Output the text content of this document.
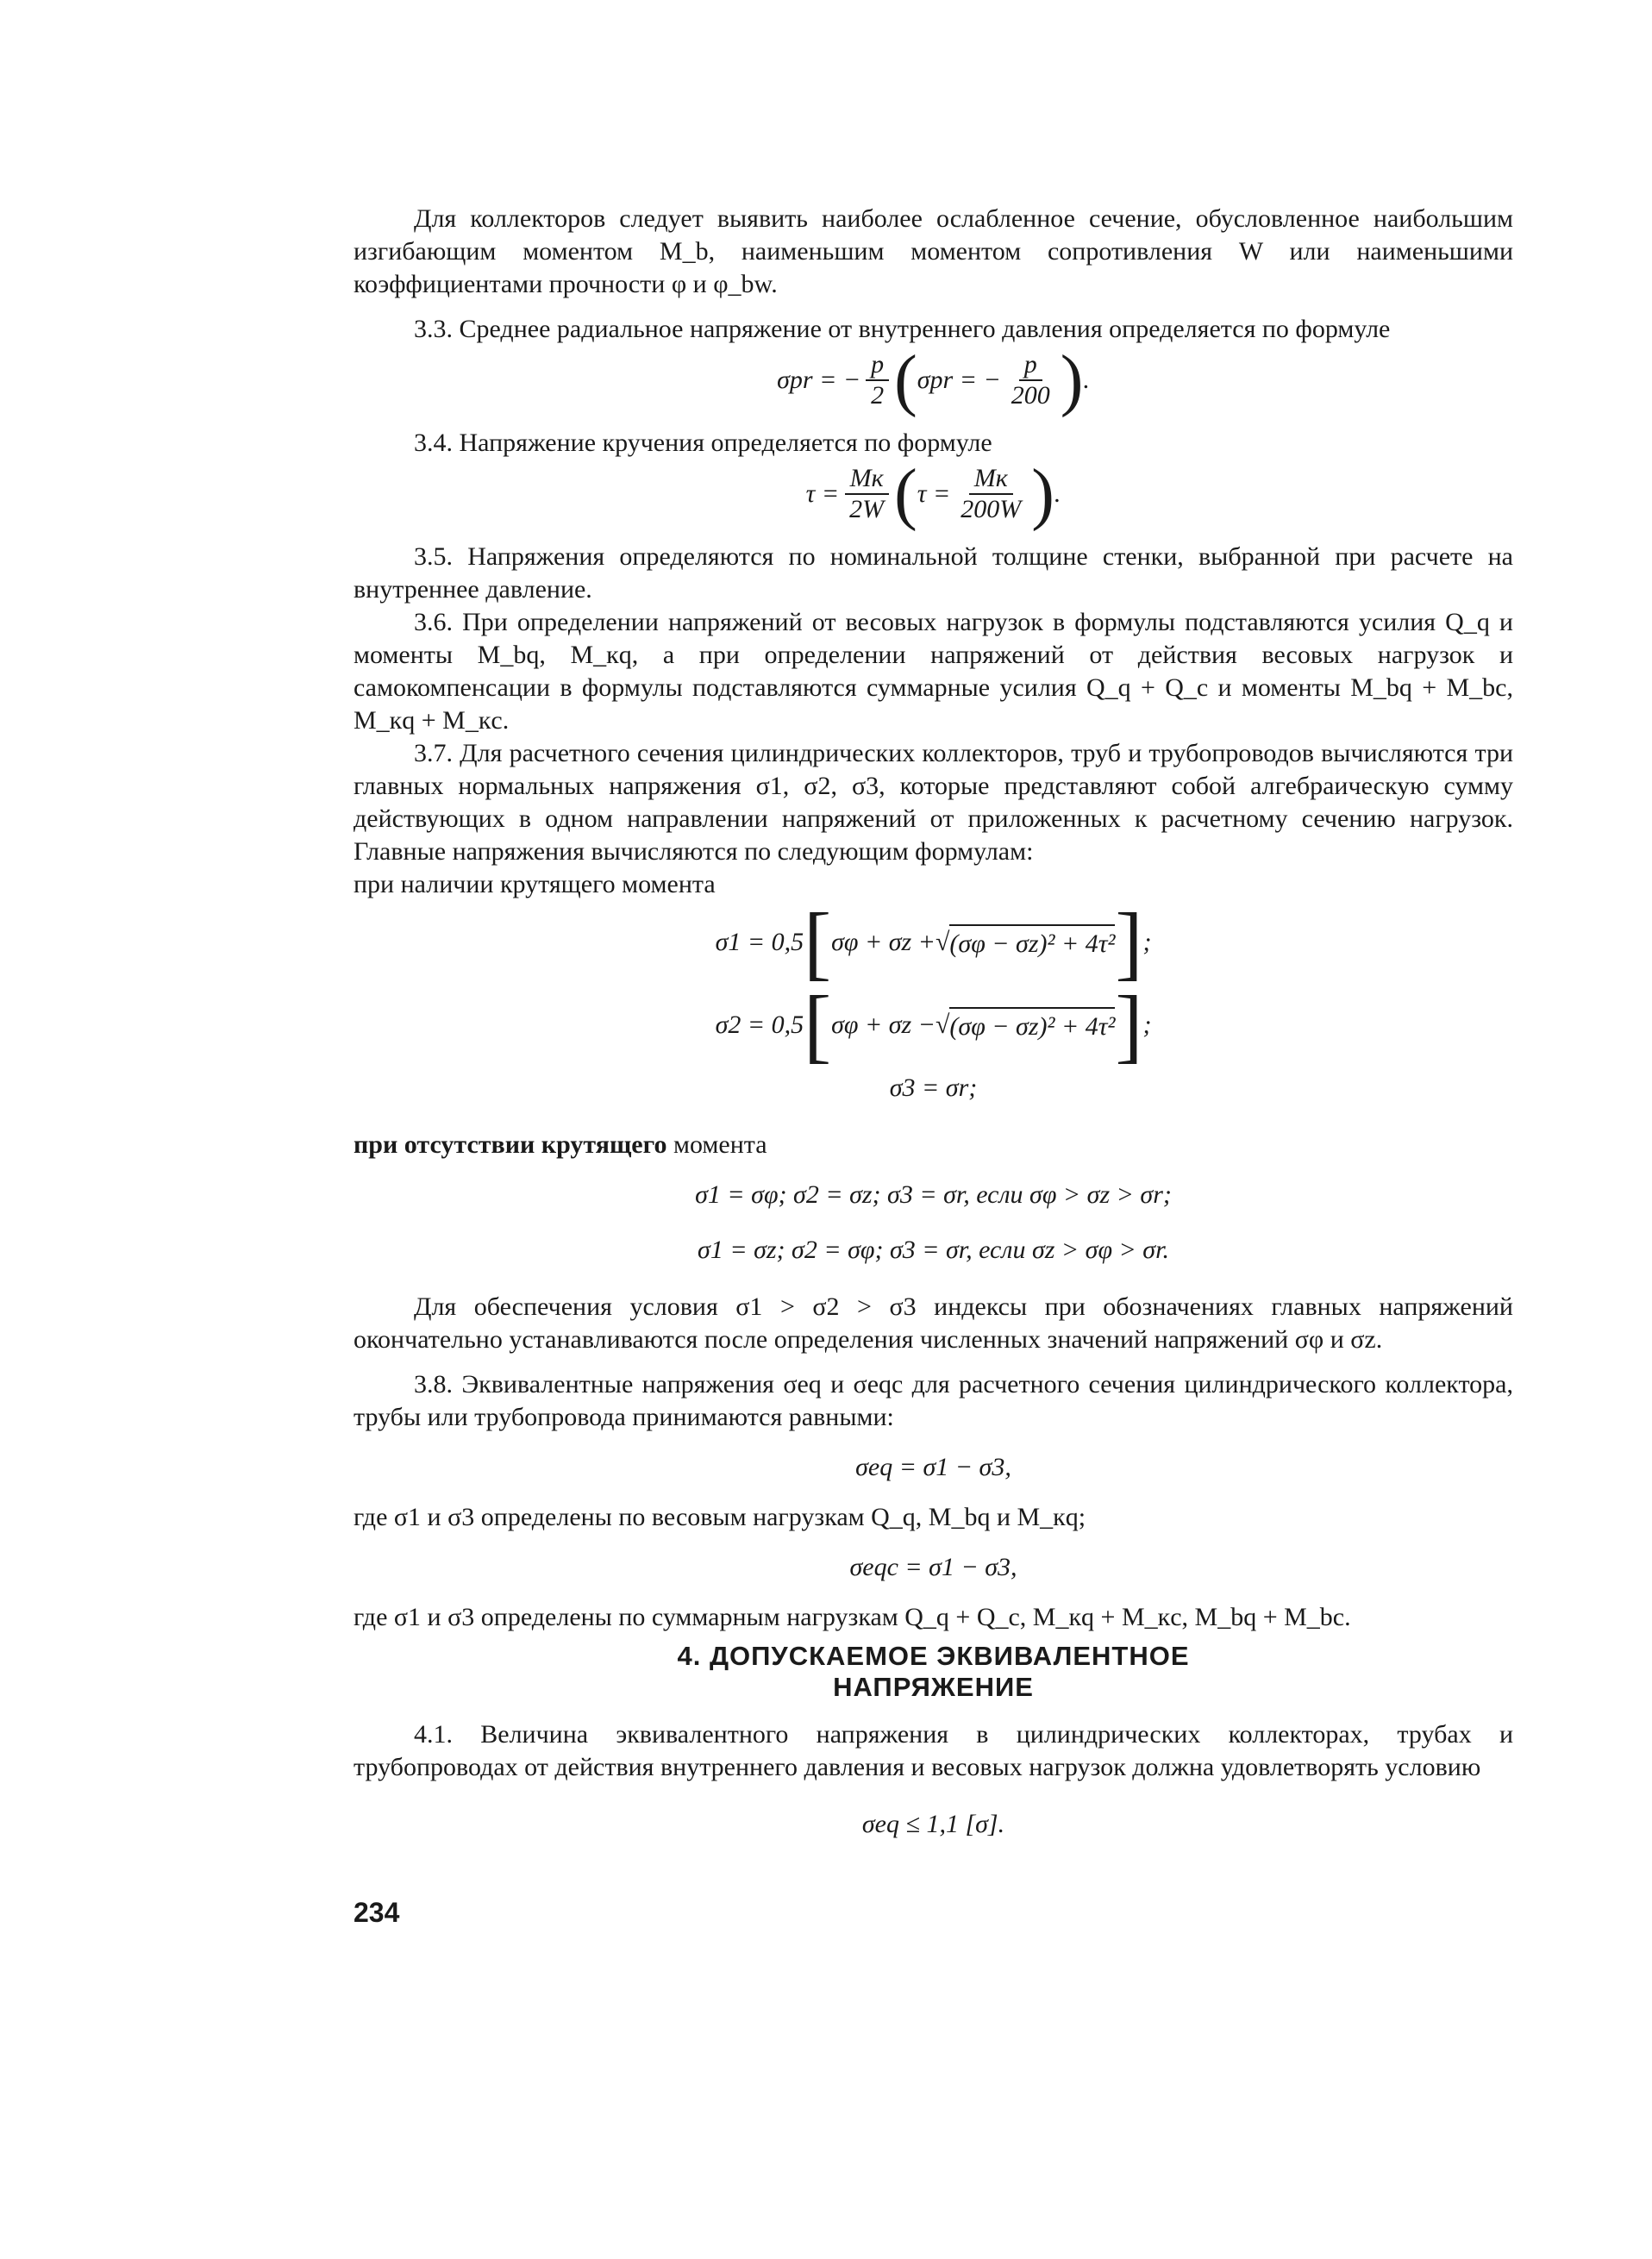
Для коллекторов следует выявить наиболее ослабленное сечение, обусловленное наибольшим изгибающим моментом M_b, наименьшим моментом сопротивления W или наименьшими коэффициентами прочности φ и φ_bw.

3.3. Среднее радиальное напряжение от внутреннего давления определяется по формуле

σpr = − $\frac{p}{2}$ ( σpr = − $\frac{p}{200}$ ) .

3.4. Напряжение кручения определяется по формуле

$\tau = \frac{Mк}{2W}$ ( $\tau = \frac{Mк}{200W}$ ) .

3.5. Напряжения определяются по номинальной толщине стенки, выбранной при расчете на внутреннее давление.

3.6. При определении напряжений от весовых нагрузок в формулы подставляются усилия Q_q и моменты M_bq, M_кq, а при определении напряжений от действия весовых нагрузок и самокомпенсации в формулы подставляются суммарные усилия Q_q + Q_c и моменты M_bq + M_bc, M_кq + M_кc.

3.7. Для расчетного сечения цилиндрических коллекторов, труб и трубопроводов вычисляются три главных нормальных напряжения σ1, σ2, σ3, которые представляют собой алгебраическую сумму действующих в одном направлении напряжений от приложенных к расчетному сечению нагрузок. Главные напряжения вычисляются по следующим формулам:

при наличии крутящего момента

σ1 = 0,5 [ σφ + σz + √ (σφ − σz)² + 4τ² ] ;
σ2 = 0,5 [ σφ + σz − √ (σφ − σz)² + 4τ² ] ;
σ3 = σr;

при отсутствии крутящего момента

σ1 = σφ; σ2 = σz; σ3 = σr, если σφ > σz > σr;
σ1 = σz; σ2 = σφ; σ3 = σr, если σz > σφ > σr.

Для обеспечения условия σ1 > σ2 > σ3 индексы при обозначениях главных напряжений окончательно устанавливаются после определения численных значений напряжений σφ и σz.

3.8. Эквивалентные напряжения σeq и σeqc для расчетного сечения цилиндрического коллектора, трубы или трубопровода принимаются равными:

σeq = σ1 − σ3,

где σ1 и σ3 определены по весовым нагрузкам Q_q, M_bq и M_кq;

σeqc = σ1 − σ3,

где σ1 и σ3 определены по суммарным нагрузкам Q_q + Q_c, M_кq + M_кc, M_bq + M_bc.

4. ДОПУСКАЕМОЕ ЭКВИВАЛЕНТНОЕ
НАПРЯЖЕНИЕ

4.1. Величина эквивалентного напряжения в цилиндрических коллекторах, трубах и трубопроводах от действия внутреннего давления и весовых нагрузок должна удовлетворять условию

σeq ≤ 1,1 [σ].
234
